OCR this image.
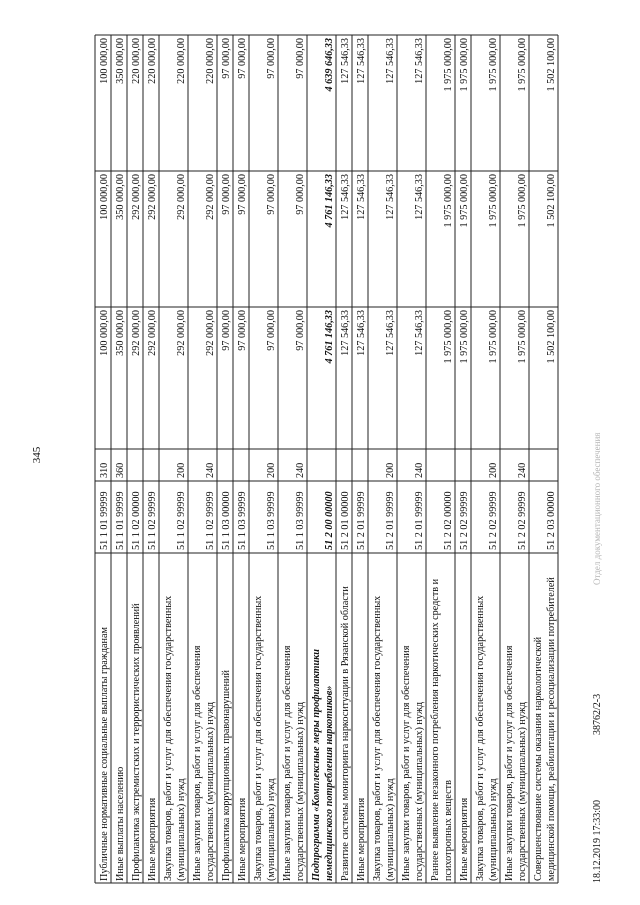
Публичные нормативные социальные выплаты гражданам
51 1 01 99999
310
100 000,00
100 000,00
100 000,00
Иные выплаты населению
51 1 01 99999
360
350 000,00
350 000,00
350 000,00
Профилактика экстремистских и террористических проявлений
51 1 02 00000
292 000,00
292 000,00
220 000,00
Иные мероприятия
51 1 02 99999
292 000,00
292 000,00
220 000,00
Закупка товаров, работ и услуг для обеспечения государственных (муниципальных) нужд
51 1 02 99999
200
292 000,00
292 000,00
220 000,00
Иные закупки товаров, работ и услуг для обеспечения государственных (муниципальных) нужд
51 1 02 99999
240
292 000,00
292 000,00
220 000,00
Профилактика коррупционных правонарушений
51 1 03 00000
97 000,00
97 000,00
97 000,00
Иные мероприятия
51 1 03 99999
97 000,00
97 000,00
97 000,00
Закупка товаров, работ и услуг для обеспечения государственных (муниципальных) нужд
51 1 03 99999
200
97 000,00
97 000,00
97 000,00
Иные закупки товаров, работ и услуг для обеспечения государственных (муниципальных) нужд
51 1 03 99999
240
97 000,00
97 000,00
97 000,00
Подпрограмма «Комплексные меры профилактики немедицинского потребления наркотиков»
51 2 00 00000
4 761 146,33
4 761 146,33
4 639 646,33
Развитие системы мониторинга наркоситуации в Рязанской области
51 2 01 00000
127 546,33
127 546,33
127 546,33
Иные мероприятия
51 2 01 99999
127 546,33
127 546,33
127 546,33
Закупка товаров, работ и услуг для обеспечения государственных (муниципальных) нужд
51 2 01 99999
200
127 546,33
127 546,33
127 546,33
Иные закупки товаров, работ и услуг для обеспечения государственных (муниципальных) нужд
51 2 01 99999
240
127 546,33
127 546,33
127 546,33
Раннее выявление незаконного потребления наркотических средств и психотропных веществ
51 2 02 00000
1 975 000,00
1 975 000,00
1 975 000,00
Иные мероприятия
51 2 02 99999
1 975 000,00
1 975 000,00
1 975 000,00
Закупка товаров, работ и услуг для обеспечения государственных (муниципальных) нужд
51 2 02 99999
200
1 975 000,00
1 975 000,00
1 975 000,00
Иные закупки товаров, работ и услуг для обеспечения государственных (муниципальных) нужд
51 2 02 99999
240
1 975 000,00
1 975 000,00
1 975 000,00
Совершенствование системы оказания наркологической медицинской помощи, реабилитации и ресоциализации потребителей
51 2 03 00000
1 502 100,00
1 502 100,00
1 502 100,00
345
18.12.2019 17:33:00
38762/2-3
Отдел документационного обеспечения
